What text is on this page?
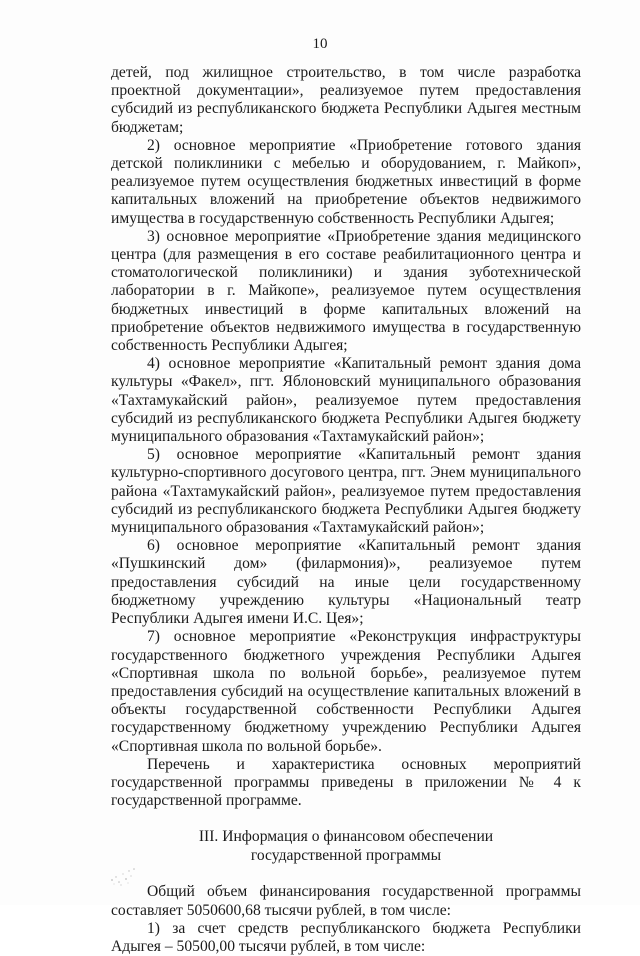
10

детей, под жилищное строительство, в том числе разработка проектной документации», реализуемое путем предоставления субсидий из республиканского бюджета Республики Адыгея местным бюджетам;

2) основное мероприятие «Приобретение готового здания детской поликлиники с мебелью и оборудованием, г. Майкоп», реализуемое путем осуществления бюджетных инвестиций в форме капитальных вложений на приобретение объектов недвижимого имущества в государственную собственность Республики Адыгея;

3) основное мероприятие «Приобретение здания медицинского центра (для размещения в его составе реабилитационного центра и стоматологической поликлиники) и здания зуботехнической лаборатории в г. Майкопе», реализуемое путем осуществления бюджетных инвестиций в форме капитальных вложений на приобретение объектов недвижимого имущества в государственную собственность Республики Адыгея;

4) основное мероприятие «Капитальный ремонт здания дома культуры «Факел», пгт. Яблоновский муниципального образования «Тахтамукайский район», реализуемое путем предоставления субсидий из республиканского бюджета Республики Адыгея бюджету муниципального образования «Тахтамукайский район»;

5) основное мероприятие «Капитальный ремонт здания культурно-спортивного досугового центра, пгт. Энем муниципального района «Тахтамукайский район», реализуемое путем предоставления субсидий из республиканского бюджета Республики Адыгея бюджету муниципального образования «Тахтамукайский район»;

6) основное мероприятие «Капитальный ремонт здания «Пушкинский дом» (филармония)», реализуемое путем предоставления субсидий на иные цели государственному бюджетному учреждению культуры «Национальный театр Республики Адыгея имени И.С. Цея»;

7) основное мероприятие «Реконструкция инфраструктуры государственного бюджетного учреждения Республики Адыгея «Спортивная школа по вольной борьбе», реализуемое путем предоставления субсидий на осуществление капитальных вложений в объекты государственной собственности Республики Адыгея государственному бюджетному учреждению Республики Адыгея «Спортивная школа по вольной борьбе».

Перечень и характеристика основных мероприятий государственной программы приведены в приложении № 4 к государственной программе.

III. Информация о финансовом обеспечении
государственной программы

Общий объем финансирования государственной программы составляет 5050600,68 тысячи рублей, в том числе:

1) за счет средств республиканского бюджета Республики Адыгея – 50500,00 тысячи рублей, в том числе:
